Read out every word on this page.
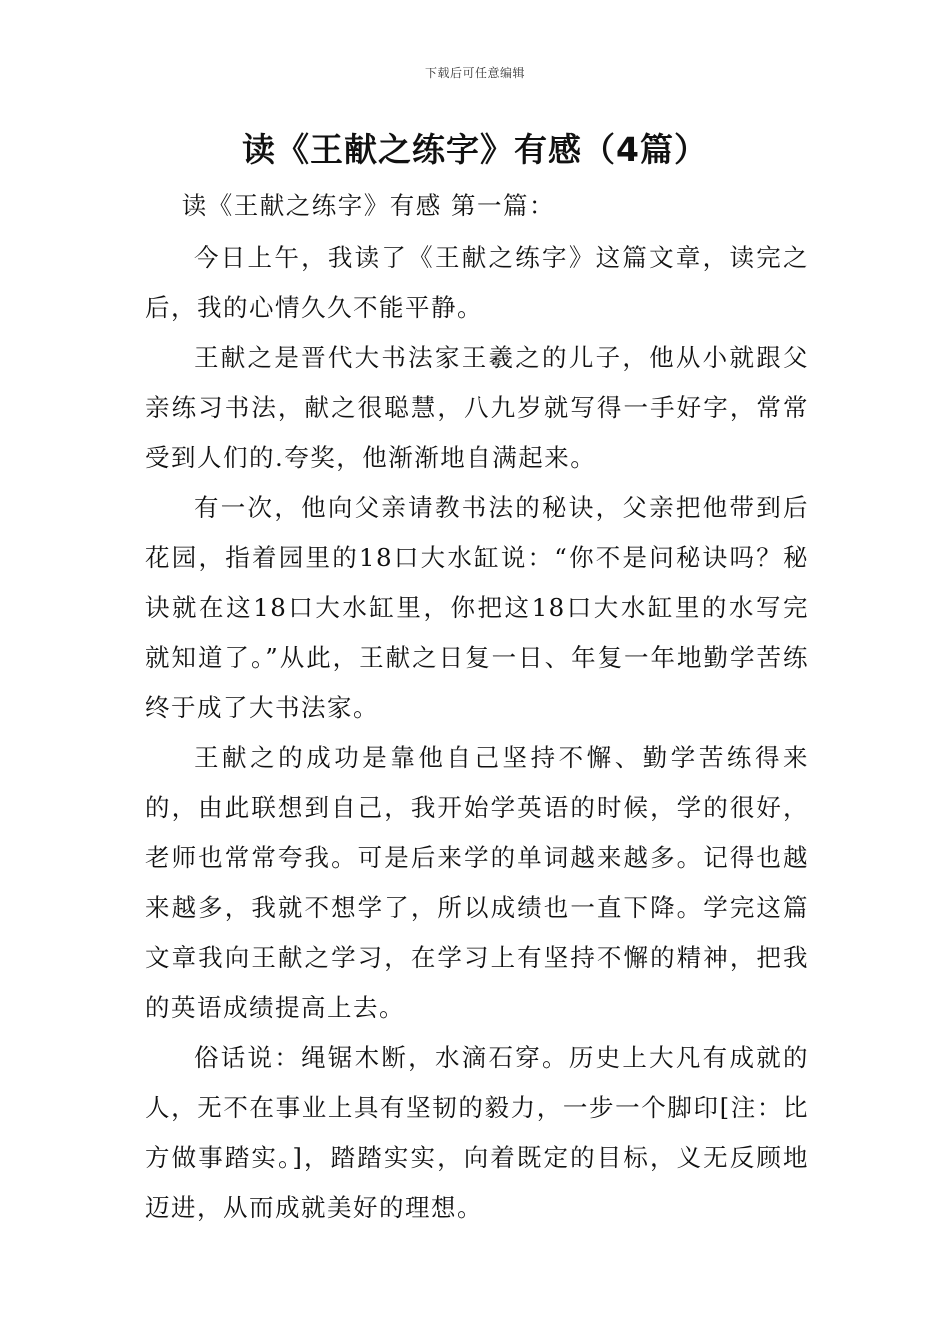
下载后可任意编辑
读《王献之练字》有感（4篇）

读《王献之练字》有感 第一篇：

今日上午，我读了《王献之练字》这篇文章，读完之后，我的心情久久不能平静。

王献之是晋代大书法家王羲之的儿子，他从小就跟父亲练习书法，献之很聪慧，八九岁就写得一手好字，常常受到人们的.夸奖，他渐渐地自满起来。

有一次，他向父亲请教书法的秘诀，父亲把他带到后花园，指着园里的18口大水缸说：“你不是问秘诀吗？秘诀就在这18口大水缸里，你把这18口大水缸里的水写完就知道了。”从此，王献之日复一日、年复一年地勤学苦练终于成了大书法家。

王献之的成功是靠他自己坚持不懈、勤学苦练得来的，由此联想到自己，我开始学英语的时候，学的很好，老师也常常夸我。可是后来学的单词越来越多。记得也越来越多，我就不想学了，所以成绩也一直下降。学完这篇文章我向王献之学习，在学习上有坚持不懈的精神，把我的英语成绩提高上去。

俗话说：绳锯木断，水滴石穿。历史上大凡有成就的人，无不在事业上具有坚韧的毅力，一步一个脚印[注：比方做事踏实。]，踏踏实实，向着既定的目标，义无反顾地迈进，从而成就美好的理想。
